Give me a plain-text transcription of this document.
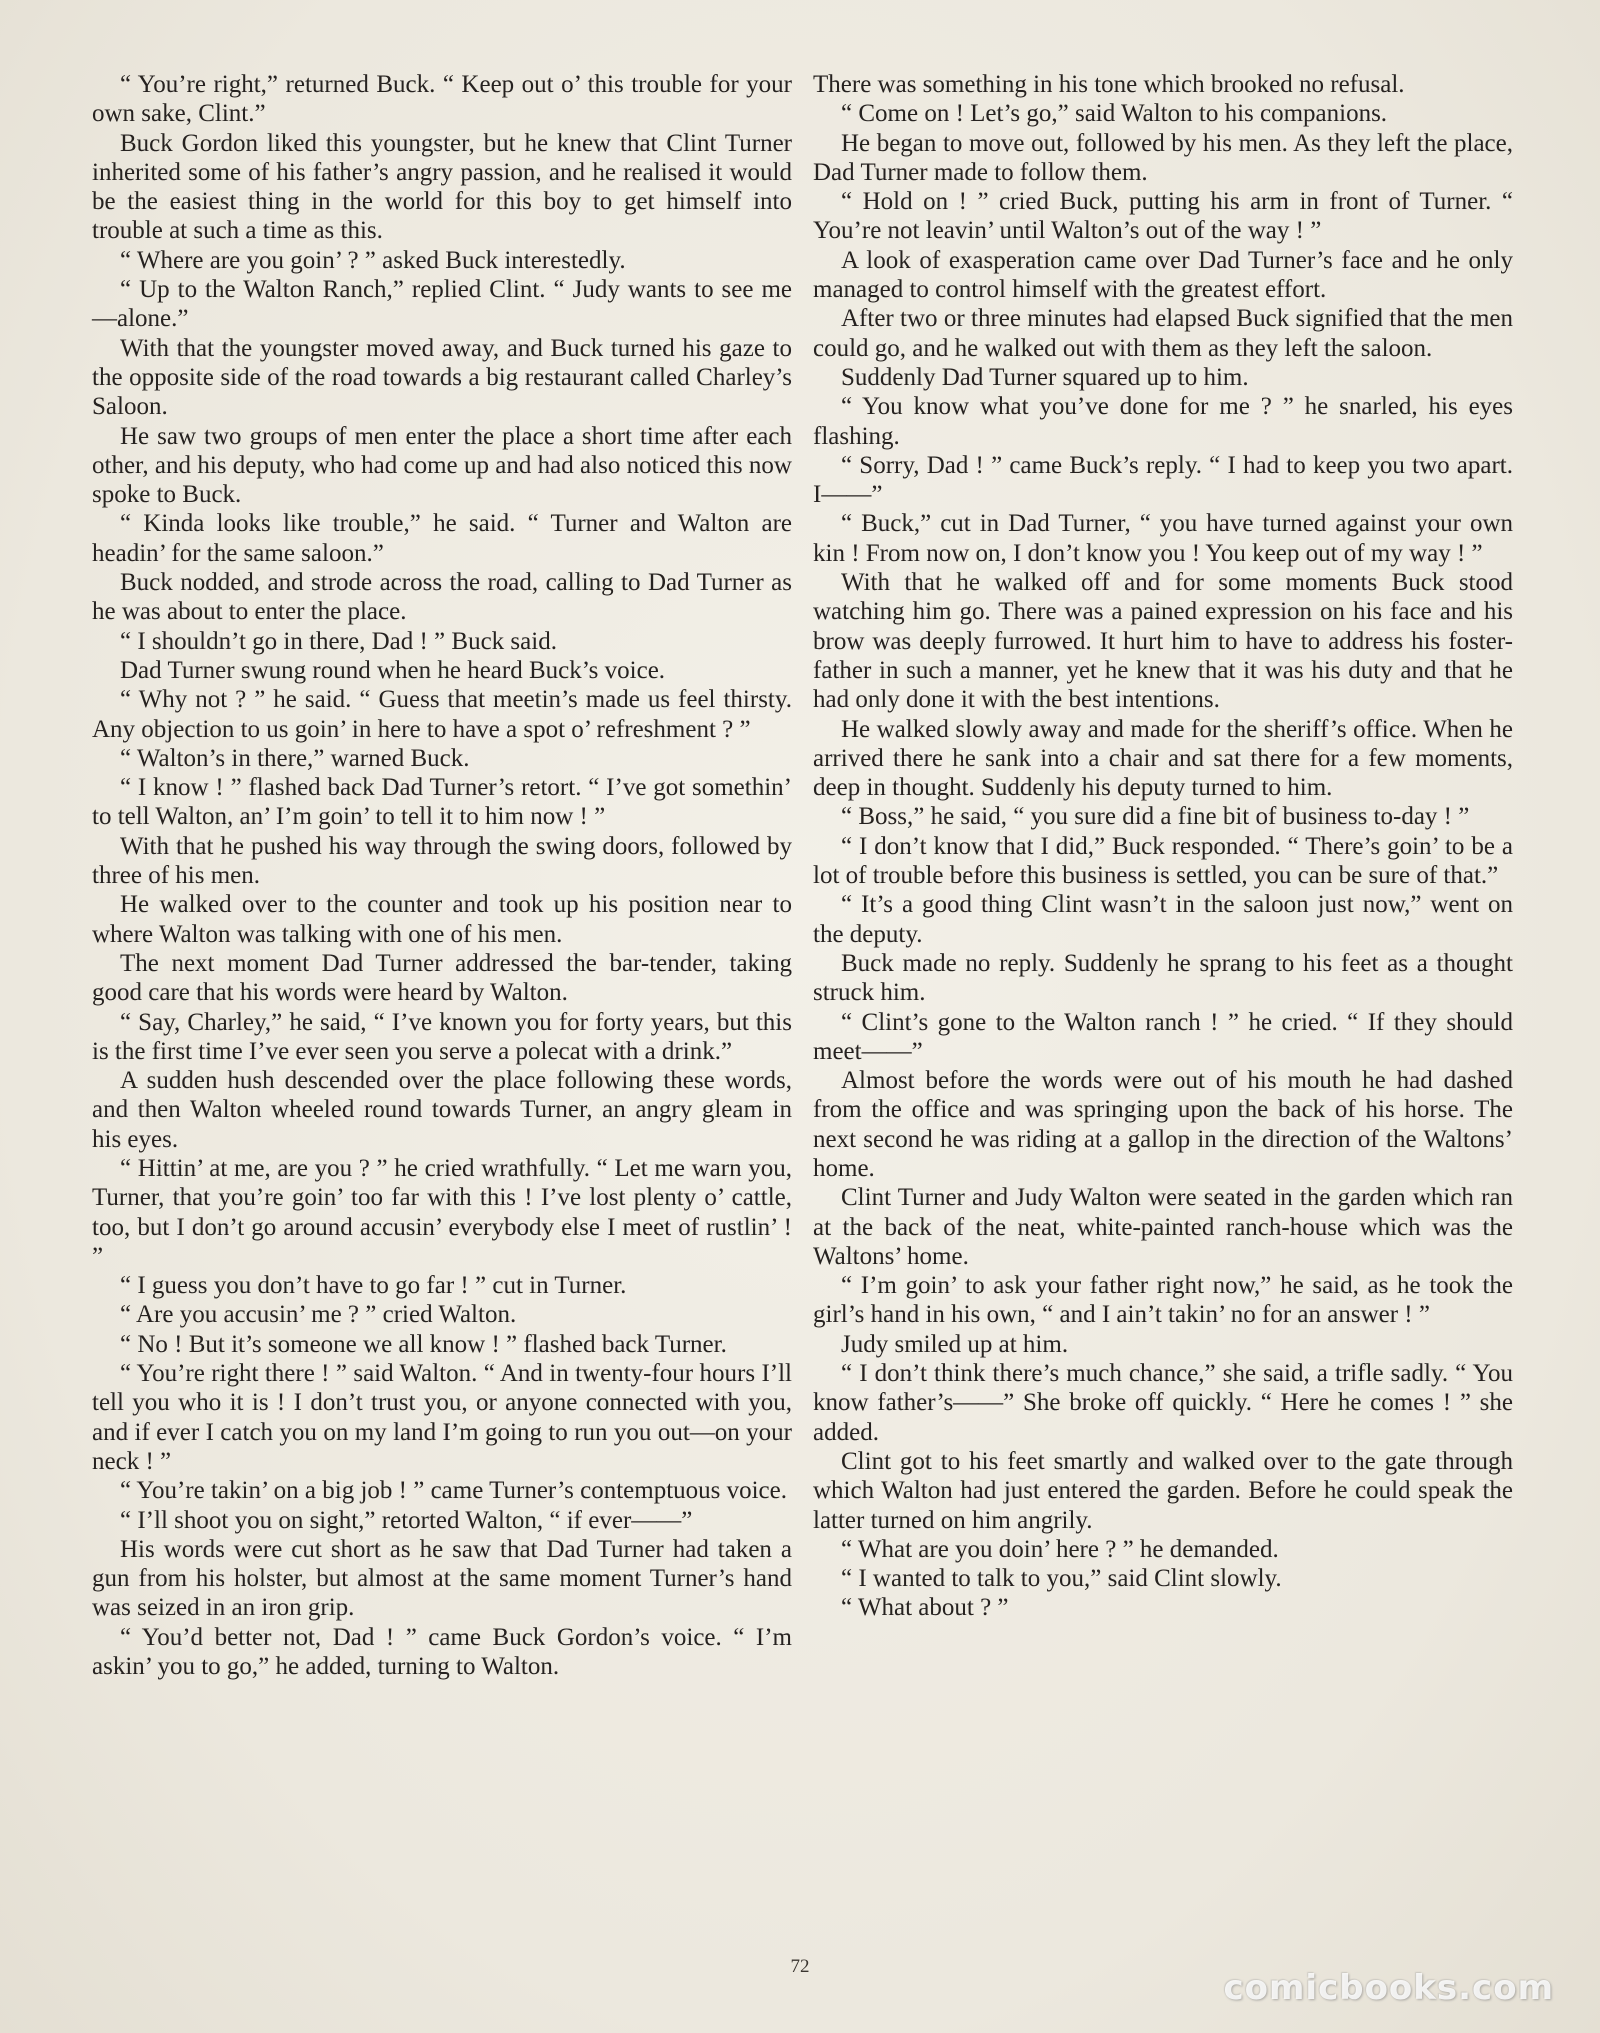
“ You’re right,” returned Buck. “ Keep out o’ this trouble for your own sake, Clint.”

Buck Gordon liked this youngster, but he knew that Clint Turner inherited some of his father’s angry passion, and he realised it would be the easiest thing in the world for this boy to get himself into trouble at such a time as this.

“ Where are you goin’ ? ” asked Buck interestedly.

“ Up to the Walton Ranch,” replied Clint. “ Judy wants to see me—alone.”

With that the youngster moved away, and Buck turned his gaze to the opposite side of the road towards a big restaurant called Charley’s Saloon.

He saw two groups of men enter the place a short time after each other, and his deputy, who had come up and had also noticed this now spoke to Buck.

“ Kinda looks like trouble,” he said. “ Turner and Walton are headin’ for the same saloon.”

Buck nodded, and strode across the road, calling to Dad Turner as he was about to enter the place.

“ I shouldn’t go in there, Dad ! ” Buck said.

Dad Turner swung round when he heard Buck’s voice.

“ Why not ? ” he said. “ Guess that meetin’s made us feel thirsty. Any objection to us goin’ in here to have a spot o’ refreshment ? ”

“ Walton’s in there,” warned Buck.

“ I know ! ” flashed back Dad Turner’s retort. “ I’ve got somethin’ to tell Walton, an’ I’m goin’ to tell it to him now ! ”

With that he pushed his way through the swing doors, followed by three of his men.

He walked over to the counter and took up his position near to where Walton was talking with one of his men.

The next moment Dad Turner addressed the bar-tender, taking good care that his words were heard by Walton.

“ Say, Charley,” he said, “ I’ve known you for forty years, but this is the first time I’ve ever seen you serve a polecat with a drink.”

A sudden hush descended over the place following these words, and then Walton wheeled round towards Turner, an angry gleam in his eyes.

“ Hittin’ at me, are you ? ” he cried wrathfully. “ Let me warn you, Turner, that you’re goin’ too far with this ! I’ve lost plenty o’ cattle, too, but I don’t go around accusin’ everybody else I meet of rustlin’ ! ”

“ I guess you don’t have to go far ! ” cut in Turner.

“ Are you accusin’ me ? ” cried Walton.

“ No ! But it’s someone we all know ! ” flashed back Turner.

“ You’re right there ! ” said Walton. “ And in twenty-four hours I’ll tell you who it is ! I don’t trust you, or anyone connected with you, and if ever I catch you on my land I’m going to run you out—on your neck ! ”

“ You’re takin’ on a big job ! ” came Turner’s contemptuous voice.

“ I’ll shoot you on sight,” retorted Walton, “ if ever——”

His words were cut short as he saw that Dad Turner had taken a gun from his holster, but almost at the same moment Turner’s hand was seized in an iron grip.

“ You’d better not, Dad ! ” came Buck Gordon’s voice. “ I’m askin’ you to go,” he added, turning to Walton.

There was something in his tone which brooked no refusal.

“ Come on ! Let’s go,” said Walton to his companions.

He began to move out, followed by his men. As they left the place, Dad Turner made to follow them.

“ Hold on ! ” cried Buck, putting his arm in front of Turner. “ You’re not leavin’ until Walton’s out of the way ! ”

A look of exasperation came over Dad Turner’s face and he only managed to control himself with the greatest effort.

After two or three minutes had elapsed Buck signified that the men could go, and he walked out with them as they left the saloon.

Suddenly Dad Turner squared up to him.

“ You know what you’ve done for me ? ” he snarled, his eyes flashing.

“ Sorry, Dad ! ” came Buck’s reply. “ I had to keep you two apart. I——”

“ Buck,” cut in Dad Turner, “ you have turned against your own kin ! From now on, I don’t know you ! You keep out of my way ! ”

With that he walked off and for some moments Buck stood watching him go. There was a pained expression on his face and his brow was deeply furrowed. It hurt him to have to address his foster-father in such a manner, yet he knew that it was his duty and that he had only done it with the best intentions.

He walked slowly away and made for the sheriff’s office. When he arrived there he sank into a chair and sat there for a few moments, deep in thought. Suddenly his deputy turned to him.

“ Boss,” he said, “ you sure did a fine bit of business to-day ! ”

“ I don’t know that I did,” Buck responded. “ There’s goin’ to be a lot of trouble before this business is settled, you can be sure of that.”

“ It’s a good thing Clint wasn’t in the saloon just now,” went on the deputy.

Buck made no reply. Suddenly he sprang to his feet as a thought struck him.

“ Clint’s gone to the Walton ranch ! ” he cried. “ If they should meet——”

Almost before the words were out of his mouth he had dashed from the office and was springing upon the back of his horse. The next second he was riding at a gallop in the direction of the Waltons’ home.

Clint Turner and Judy Walton were seated in the garden which ran at the back of the neat, white-painted ranch-house which was the Waltons’ home.

“ I’m goin’ to ask your father right now,” he said, as he took the girl’s hand in his own, “ and I ain’t takin’ no for an answer ! ”

Judy smiled up at him.

“ I don’t think there’s much chance,” she said, a trifle sadly. “ You know father’s——” She broke off quickly. “ Here he comes ! ” she added.

Clint got to his feet smartly and walked over to the gate through which Walton had just entered the garden. Before he could speak the latter turned on him angrily.

“ What are you doin’ here ? ” he demanded.

“ I wanted to talk to you,” said Clint slowly.

“ What about ? ”

72
comicbooks.com
